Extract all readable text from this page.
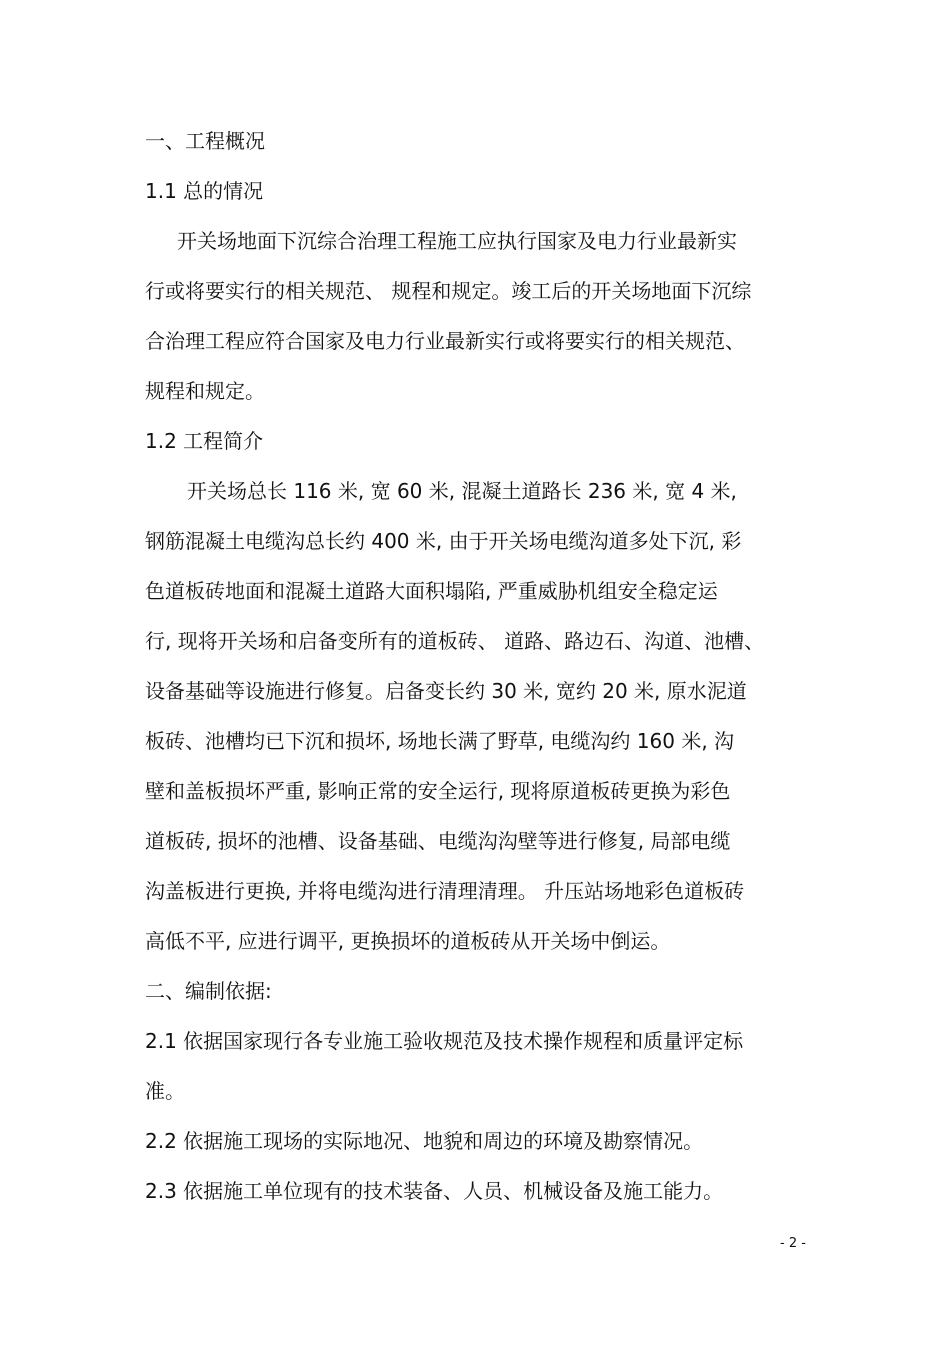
一、工程概况
1.1 总的情况
开关场地面下沉综合治理工程施工应执行国家及电力行业最新实
行或将要实行的相关规范、 规程和规定。竣工后的开关场地面下沉综
合治理工程应符合国家及电力行业最新实行或将要实行的相关规范、
规程和规定。
1.2 工程简介
开关场总长 116 米, 宽 60 米, 混凝土道路长 236 米, 宽 4 米,
钢筋混凝土电缆沟总长约 400 米, 由于开关场电缆沟道多处下沉, 彩
色道板砖地面和混凝土道路大面积塌陷, 严重威胁机组安全稳定运
行, 现将开关场和启备变所有的道板砖、 道路、路边石、沟道、池槽、
设备基础等设施进行修复。启备变长约 30 米, 宽约 20 米, 原水泥道
板砖、池槽均已下沉和损坏, 场地长满了野草, 电缆沟约 160 米, 沟
壁和盖板损坏严重, 影响正常的安全运行, 现将原道板砖更换为彩色
道板砖, 损坏的池槽、设备基础、电缆沟沟壁等进行修复, 局部电缆
沟盖板进行更换, 并将电缆沟进行清理清理。 升压站场地彩色道板砖
高低不平, 应进行调平, 更换损坏的道板砖从开关场中倒运。
二、编制依据:
2.1 依据国家现行各专业施工验收规范及技术操作规程和质量评定标
准。
2.2 依据施工现场的实际地况、地貌和周边的环境及勘察情况。
2.3 依据施工单位现有的技术装备、人员、机械设备及施工能力。
- 2 -
